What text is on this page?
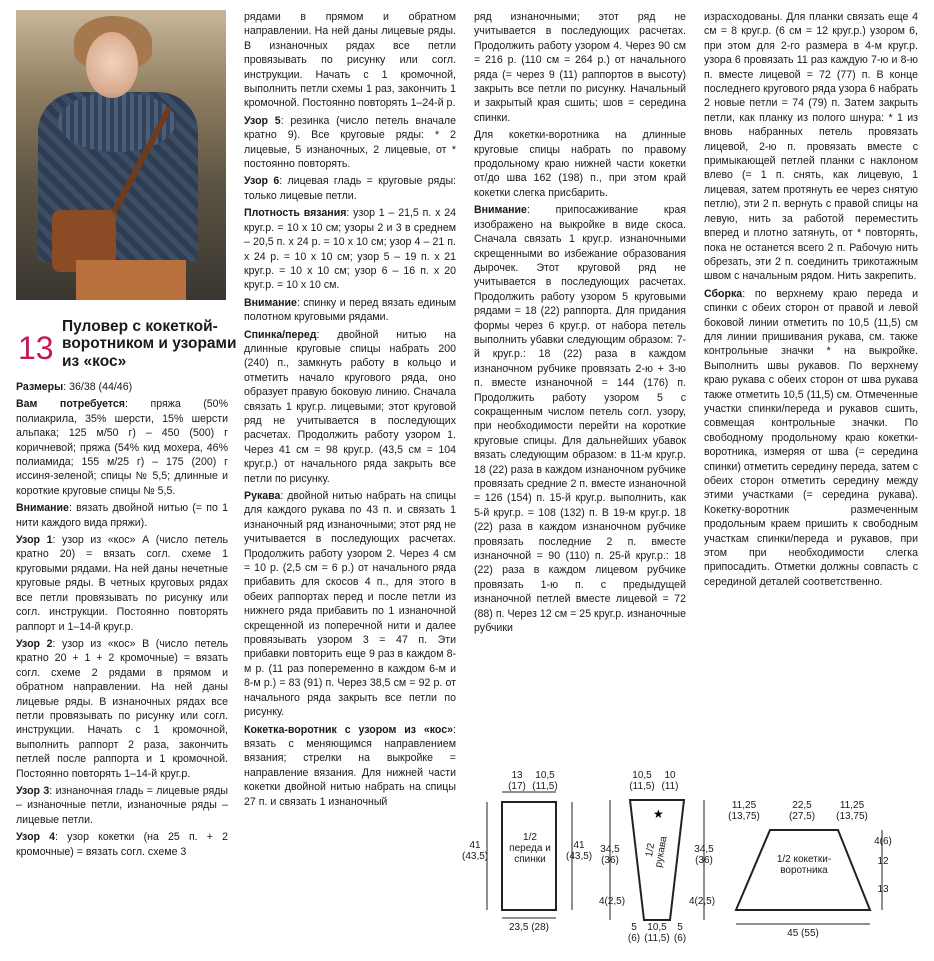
13
Пуловер с кокеткой-воротником и узорами из «кос»

Размеры: 36/38 (44/46)

Вам потребуется: пряжа (50% полиакрила, 35% шерсти, 15% шерсти альпака; 125 м/50 г) – 450 (500) г коричневой; пряжа (54% кид мохера, 46% полиамида; 155 м/25 г) – 175 (200) г иссиня-зеленой; спицы № 5,5; длинные и короткие круговые спицы № 5,5.

Внимание: вязать двойной нитью (= по 1 нити каждого вида пряжи).

Узор 1: узор из «кос» А (число петель кратно 20) = вязать согл. схеме 1 круговыми рядами. На ней даны нечетные круговые ряды. В четных круговых рядах все петли провязывать по рисунку или согл. инструкции. Постоянно повторять раппорт и 1–14-й круг.р.

Узор 2: узор из «кос» B (число петель кратно 20 + 1 + 2 кромочные) = вязать согл. схеме 2 рядами в прямом и обратном направлении. На ней даны лицевые ряды. В изнаночных рядах все петли провязывать по рисунку или согл. инструкции. Начать с 1 кромочной, выполнить раппорт 2 раза, закончить петлей после раппорта и 1 кромочной. Постоянно повторять 1–14-й круг.р.

Узор 3: изнаночная гладь = лицевые ряды – изнаночные петли, изнаночные ряды – лицевые петли.

Узор 4: узор кокетки (на 25 п. + 2 кромочные) = вязать согл. схеме 3

рядами в прямом и обратном направлении. На ней даны лицевые ряды. В изнаночных рядах все петли провязывать по рисунку или согл. инструкции. Начать с 1 кромочной, выполнить петли схемы 1 раз, закончить 1 кромочной. Постоянно повторять 1–24-й р.

Узор 5: резинка (число петель вначале кратно 9). Все круговые ряды: * 2 лицевые, 5 изнаночных, 2 лицевые, от * постоянно повторять.

Узор 6: лицевая гладь = круговые ряды: только лицевые петли.

Плотность вязания: узор 1 – 21,5 п. х 24 круг.р. = 10 х 10 см; узоры 2 и 3 в среднем – 20,5 п. х 24 р. = 10 х 10 см; узор 4 – 21 п. х 24 р. = 10 х 10 см; узор 5 – 19 п. х 21 круг.р. = 10 х 10 см; узор 6 – 16 п. х 20 круг.р. = 10 х 10 см.

Внимание: спинку и перед вязать единым полотном круговыми рядами.

Спинка/перед: двойной нитью на длинные круговые спицы набрать 200 (240) п., замкнуть работу в кольцо и отметить начало кругового ряда, оно образует правую боковую линию. Сначала связать 1 круг.р. лицевыми; этот круговой ряд не учитывается в последующих расчетах. Продолжить работу узором 1. Через 41 см = 98 круг.р. (43,5 см = 104 круг.р.) от начального ряда закрыть все петли по рисунку.

Рукава: двойной нитью набрать на спицы для каждого рукава по 43 п. и связать 1 изнаночный ряд изнаночными; этот ряд не учитывается в последующих расчетах. Продолжить работу узором 2. Через 4 см = 10 р. (2,5 см = 6 р.) от начального ряда прибавить для скосов 4 п., для этого в обеих раппортах перед и после петли из нижнего ряда прибавить по 1 изнаночной скрещенной из поперечной нити и далее провязывать узором 3 = 47 п. Эти прибавки повторить еще 9 раз в каждом 8-м р. (11 раз попеременно в каждом 6-м и 8-м р.) = 83 (91) п. Через 38,5 см = 92 р. от начального ряда закрыть все петли по рисунку.

Кокетка-воротник с узором из «кос»: вязать с меняющимся направлением вязания; стрелки на выкройке = направление вязания. Для нижней части кокетки двойной нитью набрать на спицы 27 п. и связать 1 изнаночный

ряд изнаночными; этот ряд не учитывается в последующих расчетах. Продолжить работу узором 4. Через 90 см = 216 р. (110 см = 264 р.) от начального ряда (= через 9 (11) раппортов в высоту) закрыть все петли по рисунку. Начальный и закрытый края сшить; шов = середина спинки.

Для кокетки-воротника на длинные круговые спицы набрать по правому продольному краю нижней части кокетки от/до шва 162 (198) п., при этом край кокетки слегка присбарить.

Внимание: припосаживание края изображено на выкройке в виде скоса. Сначала связать 1 круг.р. изнаночными скрещенными во избежание образования дырочек. Этот круговой ряд не учитывается в последующих расчетах. Продолжить работу узором 5 круговыми рядами = 18 (22) раппорта. Для придания формы через 6 круг.р. от набора петель выполнить убавки следующим образом: 7-й круг.р.: 18 (22) раза в каждом изнаночном рубчике провязать 2-ю + 3-ю п. вместе изнаночной = 144 (176) п. Продолжить работу узором 5 с сокращенным числом петель согл. узору, при необходимости перейти на короткие круговые спицы. Для дальнейших убавок вязать следующим образом: в 11-м круг.р. 18 (22) раза в каждом изнаночном рубчике провязать средние 2 п. вместе изнаночной = 126 (154) п. 15-й круг.р. выполнить, как 5-й круг.р. = 108 (132) п. В 19-м круг.р. 18 (22) раза в каждом изнаночном рубчике провязать последние 2 п. вместе изнаночной = 90 (110) п. 25-й круг.р.: 18 (22) раза в каждом лицевом рубчике провязать 1-ю п. с предыдущей изнаночной петлей вместе лицевой = 72 (88) п. Через 12 см = 25 круг.р. изнаночные рубчики

израсходованы. Для планки связать еще 4 см = 8 круг.р. (6 см = 12 круг.р.) узором 6, при этом для 2-го размера в 4-м круг.р. узора 6 провязать 11 раз каждую 7-ю и 8-ю п. вместе лицевой = 72 (77) п. В конце последнего кругового ряда узора 6 набрать 2 новые петли = 74 (79) п. Затем закрыть петли, как планку из полого шнура: * 1 из вновь набранных петель провязать лицевой, 2-ю п. провязать вместе с примыкающей петлей планки с наклоном влево (= 1 п. снять, как лицевую, 1 лицевая, затем протянуть ее через снятую петлю), эти 2 п. вернуть с правой спицы на левую, нить за работой переместить вперед и плотно затянуть, от * повторять, пока не останется всего 2 п. Рабочую нить обрезать, эти 2 п. соединить трикотажным швом с начальным рядом. Нить закрепить.

Сборка: по верхнему краю переда и спинки с обеих сторон от правой и левой боковой линии отметить по 10,5 (11,5) см для линии пришивания рукава, см. также контрольные значки * на выкройке. Выполнить швы рукавов. По верхнему краю рукава с обеих сторон от шва рукава также отметить 10,5 (11,5) см. Отмеченные участки спинки/переда и рукавов сшить, совмещая контрольные значки. По свободному продольному краю кокетки-воротника, измеряя от шва (= середина спинки) отметить середину переда, затем с обеих сторон отметить середину между этими участками (= середина рукава). Кокетку-воротник размеченным продольным краем пришить к свободным участкам спинки/переда и рукавов, при этом при необходимости слегка припосадить. Отметки должны совпасть с серединой деталей соответственно.

13
(17)
10,5
(11,5)
1/2 переда и спинки
41 (43,5)
41 (43,5)
23,5 (28)
★
10,5
(11,5)
10
(11)
1/2 рукава
34,5 (36)
34,5 (36)
4(2,5)	4(2,5)
5 (6)
10,5
(11,5)
5 (6)
11,25
(13,75)
22,5
(27,5)
11,25
(13,75)
4(6)
12
13
1/2 кокетки-воротника
45 (55)
